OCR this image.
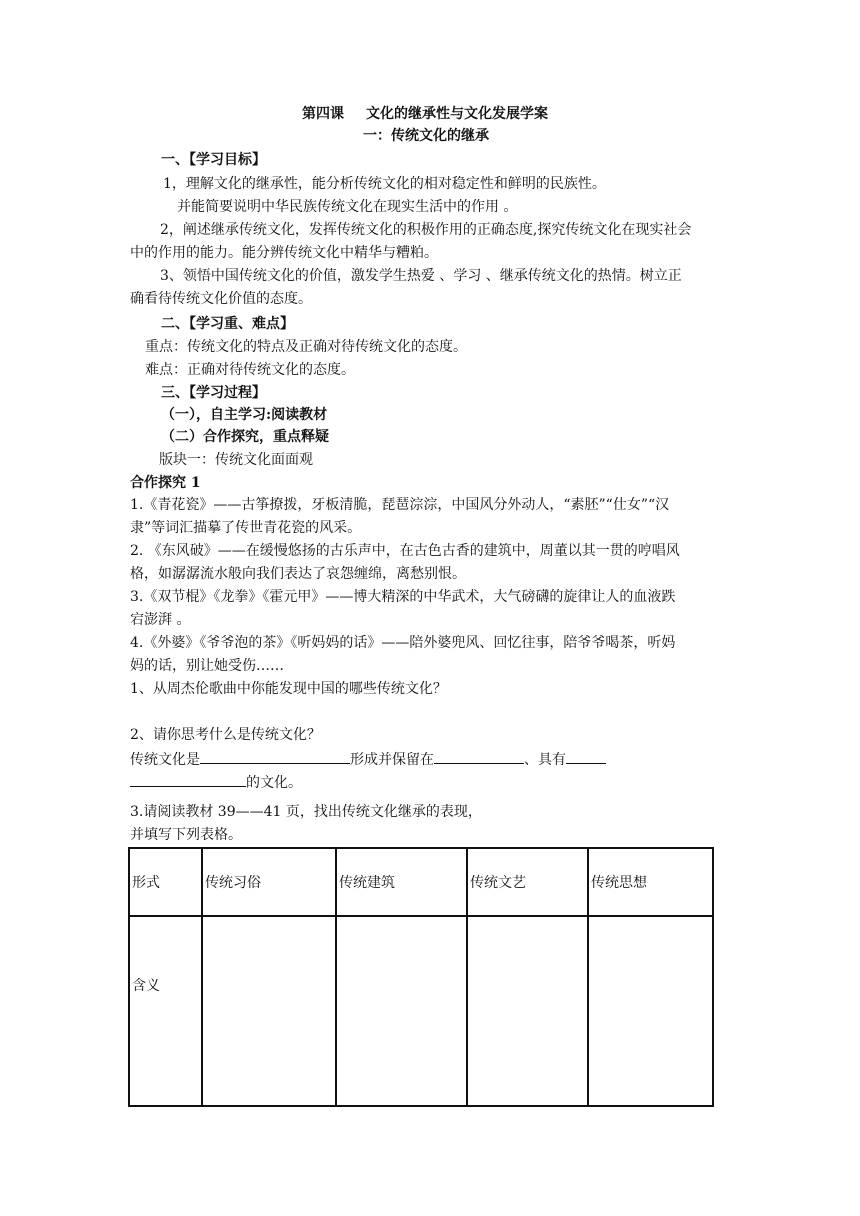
第四课 文化的继承性与文化发展学案
一：传统文化的继承
一、【学习目标】
1，理解文化的继承性，能分析传统文化的相对稳定性和鲜明的民族性。
并能简要说明中华民族传统文化在现实生活中的作用 。
2，阐述继承传统文化，发挥传统文化的积极作用的正确态度,探究传统文化在现实社会
中的作用的能力。能分辨传统文化中精华与糟粕。
3、领悟中国传统文化的价值，激发学生热爱 、学习 、继承传统文化的热情。树立正
确看待传统文化价值的态度。
二、【学习重、难点】
重点：传统文化的特点及正确对待传统文化的态度。
难点：正确对待传统文化的态度。
三、【学习过程】
（一），自主学习:阅读教材
（二）合作探究，重点释疑
版块一：传统文化面面观
合作探究 1
1.《青花瓷》——古筝撩拨，牙板清脆，琵琶淙淙，中国风分外动人，“素胚”“仕女”“汉
隶”等词汇描摹了传世青花瓷的风采。
2. 《东风破》——在缓慢悠扬的古乐声中，在古色古香的建筑中，周董以其一贯的哼唱风
格，如潺潺流水般向我们表达了哀怨缠绵，离愁别恨。
3.《双节棍》《龙拳》《霍元甲》——博大精深的中华武术，大气磅礴的旋律让人的血液跌
宕澎湃 。
4.《外婆》《爷爷泡的茶》《听妈妈的话》——陪外婆兜风、回忆往事，陪爷爷喝茶，听妈
妈的话，别让她受伤……
1、从周杰伦歌曲中你能发现中国的哪些传统文化？
2、请你思考什么是传统文化？
传统文化是	形成并保留在	、具有
的文化。
3.请阅读教材 39——41 页，找出传统文化继承的表现，
并填写下列表格。
形式	传统习俗	传统建筑	传统文艺	传统思想
含义				
